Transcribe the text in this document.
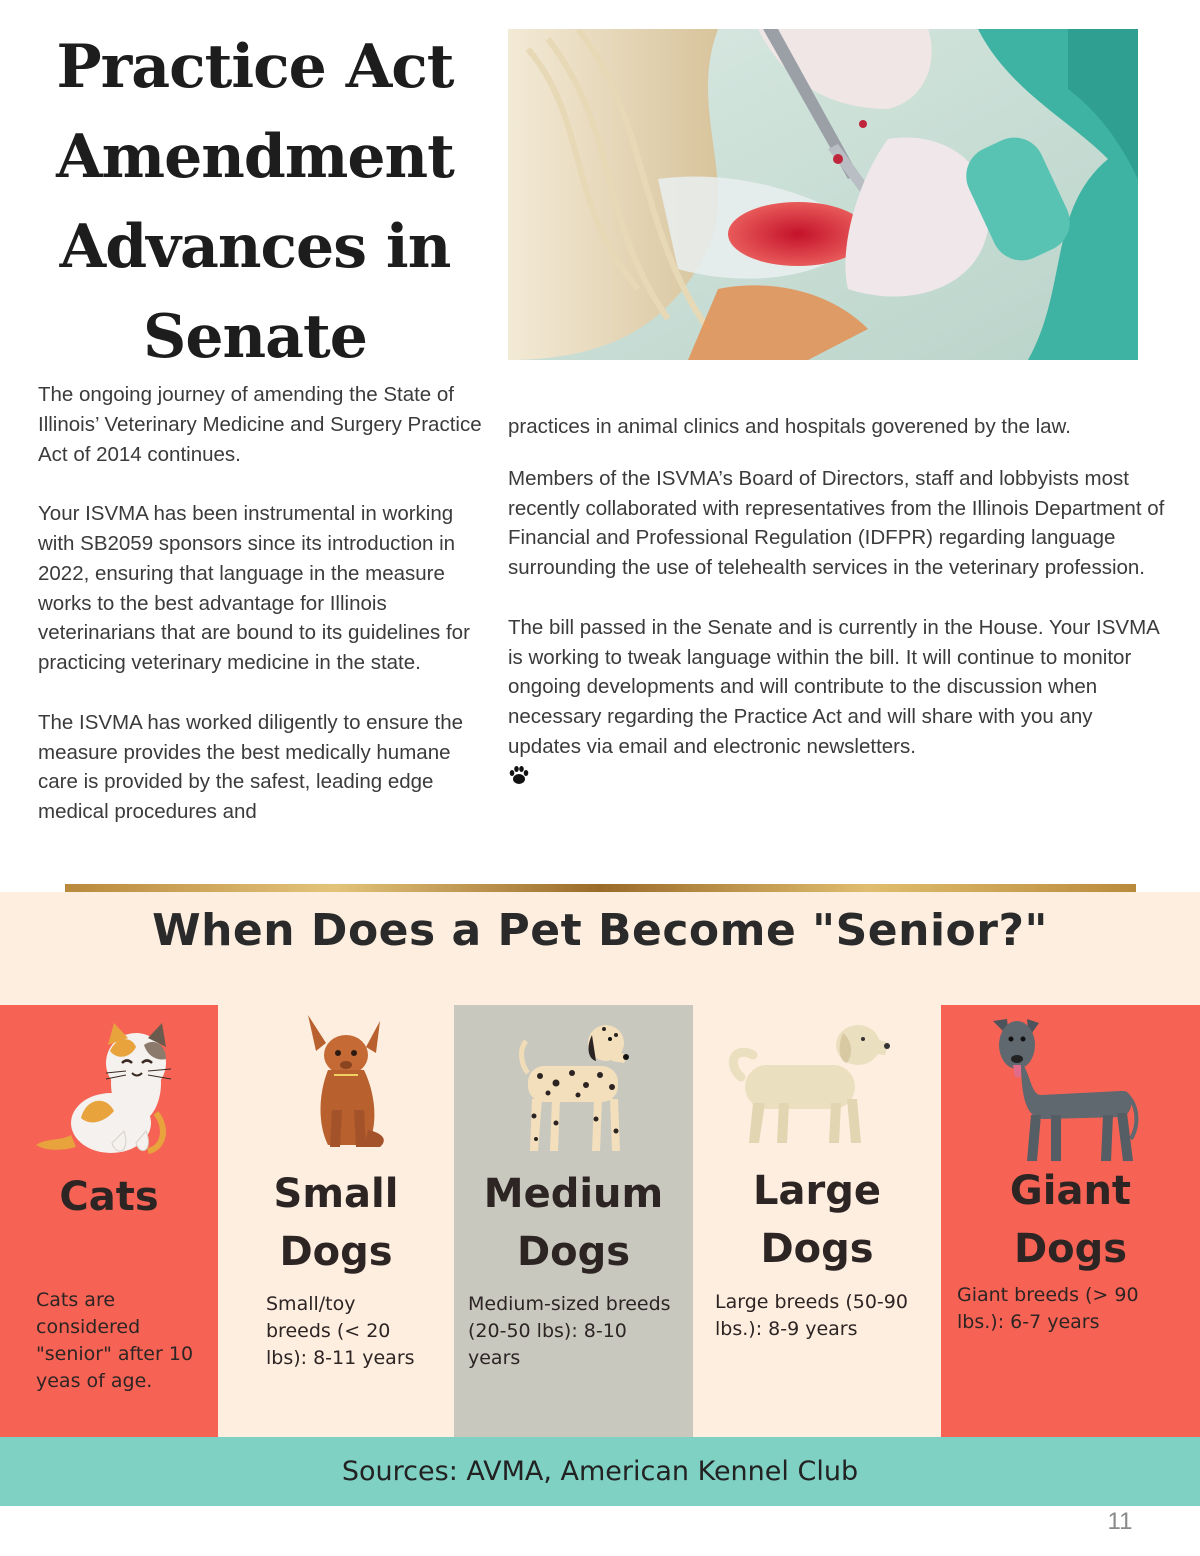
Practice Act
Amendment
Advances in
Senate

The ongoing journey of amending the State of Illinois’ Veterinary Medicine and Surgery Practice Act of 2014 continues.

Your ISVMA has been instrumental in working with SB2059 sponsors since its introduction in 2022, ensuring that language in the measure works to the best advantage for Illinois veterinarians that are bound to its guidelines for practicing veterinary medicine in the state.

The ISVMA has worked diligently to ensure the measure provides the best medically humane care is provided by the safest, leading edge medical procedures and

practices in animal clinics and hospitals goverened by the law.

Members of the ISVMA’s Board of Directors, staff and lobbyists most recently collaborated with representatives from the Illinois Department of Financial and Professional Regulation (IDFPR) regarding language surrounding the use of telehealth services in the veterinary profession.

The bill passed in the Senate and is currently in the House. Your ISVMA is working to tweak language within the bill. It will continue to monitor ongoing developments and will contribute to the discussion when necessary regarding the Practice Act and will share with you any updates via email and electronic newsletters.

When Does a Pet Become "Senior?"
Cats
Cats are considered "senior" after 10 yeas of age.
Small
Dogs
Small/toy breeds (< 20 lbs): 8-11 years
Medium
Dogs
Medium-sized breeds (20-50 lbs): 8-10 years
Large
Dogs
Large breeds (50-90 lbs.): 8-9 years
Giant
Dogs
Giant breeds (> 90 lbs.): 6-7 years
Sources: AVMA, American Kennel Club
11
